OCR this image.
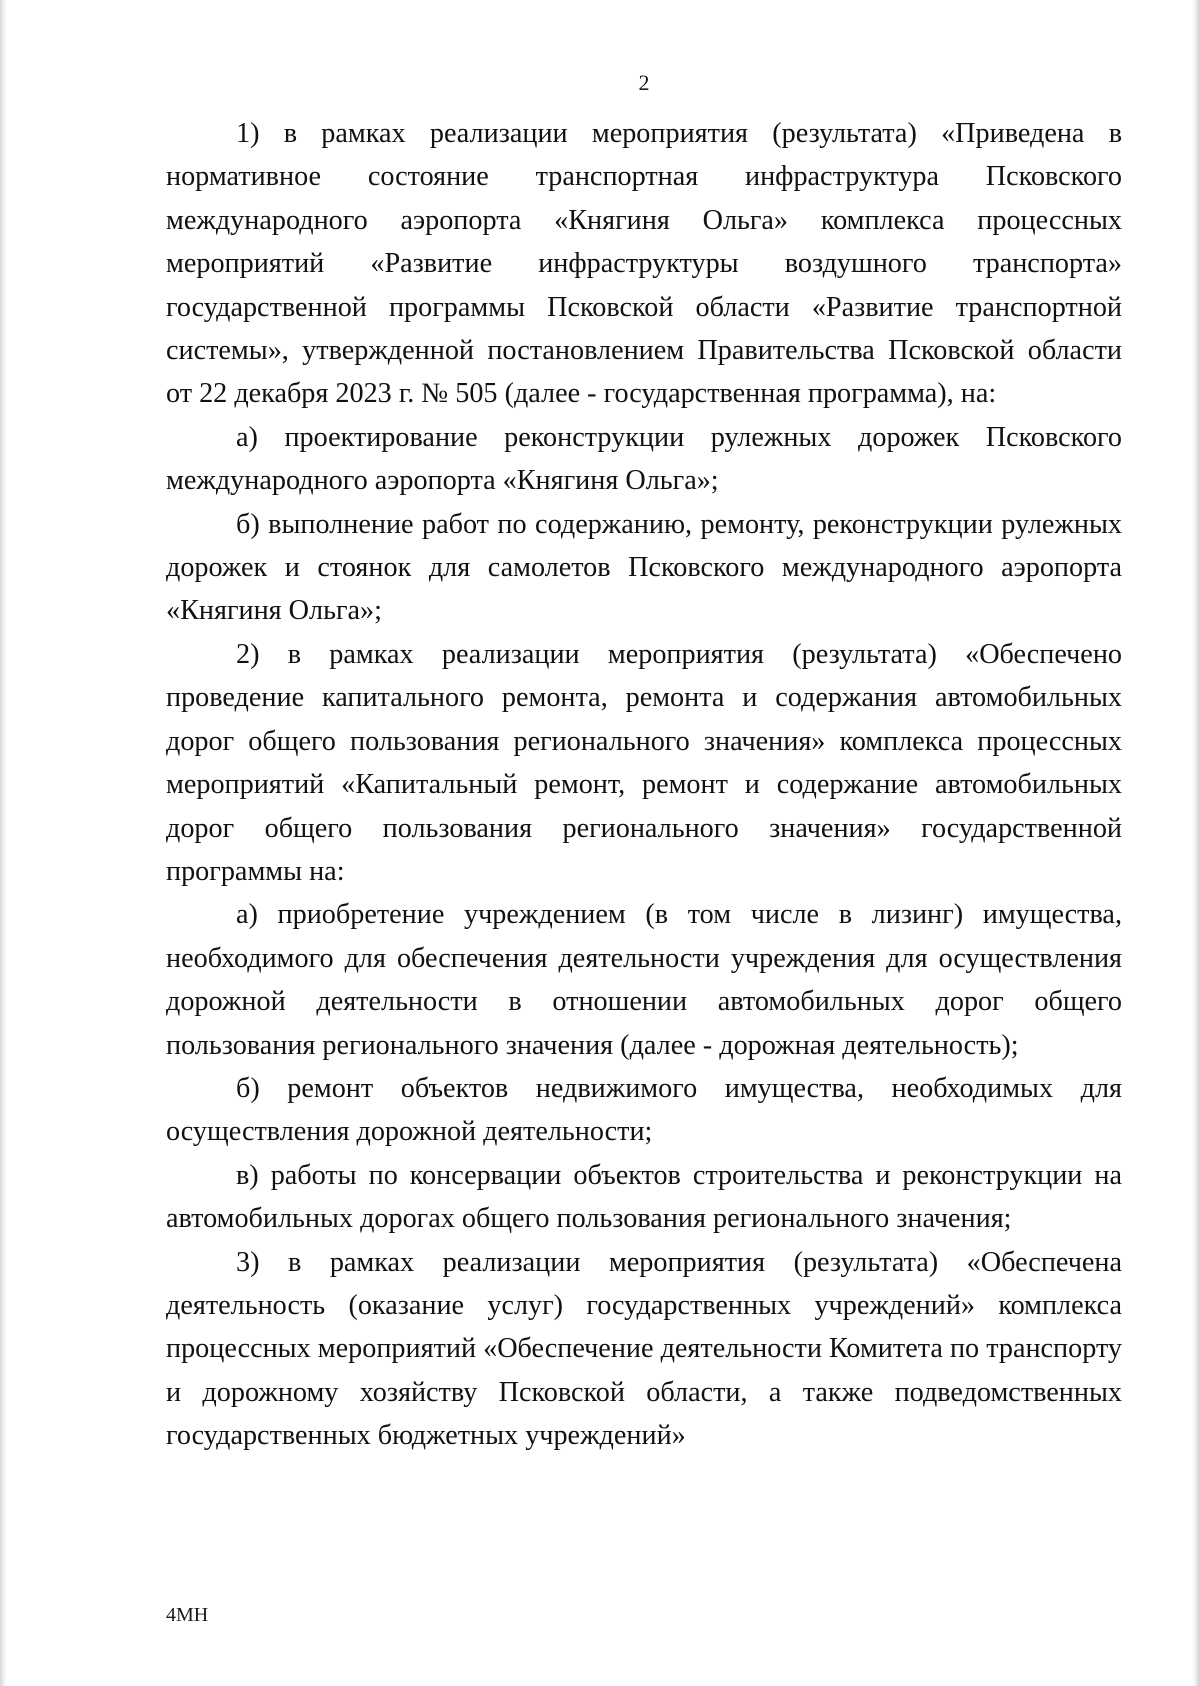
2

1) в рамках реализации мероприятия (результата) «Приведена в нормативное состояние транспортная инфраструктура Псковского международного аэропорта «Княгиня Ольга» комплекса процессных мероприятий «Развитие инфраструктуры воздушного транспорта» государственной программы Псковской области «Развитие транспортной системы», утвержденной постановлением Правительства Псковской области от 22 декабря 2023 г. № 505 (далее - государственная программа), на:

а) проектирование реконструкции рулежных дорожек Псковского международного аэропорта «Княгиня Ольга»;

б) выполнение работ по содержанию, ремонту, реконструкции рулежных дорожек и стоянок для самолетов Псковского международного аэропорта «Княгиня Ольга»;

2) в рамках реализации мероприятия (результата) «Обеспечено проведение капитального ремонта, ремонта и содержания автомобильных дорог общего пользования регионального значения» комплекса процессных мероприятий «Капитальный ремонт, ремонт и содержание автомобильных дорог общего пользования регионального значения» государственной программы на:

а) приобретение учреждением (в том числе в лизинг) имущества, необходимого для обеспечения деятельности учреждения для осуществления дорожной деятельности в отношении автомобильных дорог общего пользования регионального значения (далее - дорожная деятельность);

б) ремонт объектов недвижимого имущества, необходимых для осуществления дорожной деятельности;

в) работы по консервации объектов строительства и реконструкции на автомобильных дорогах общего пользования регионального значения;

3) в рамках реализации мероприятия (результата) «Обеспечена деятельность (оказание услуг) государственных учреждений» комплекса процессных мероприятий «Обеспечение деятельности Комитета по транспорту и дорожному хозяйству Псковской области, а также подведомственных государственных бюджетных учреждений»

4МН
